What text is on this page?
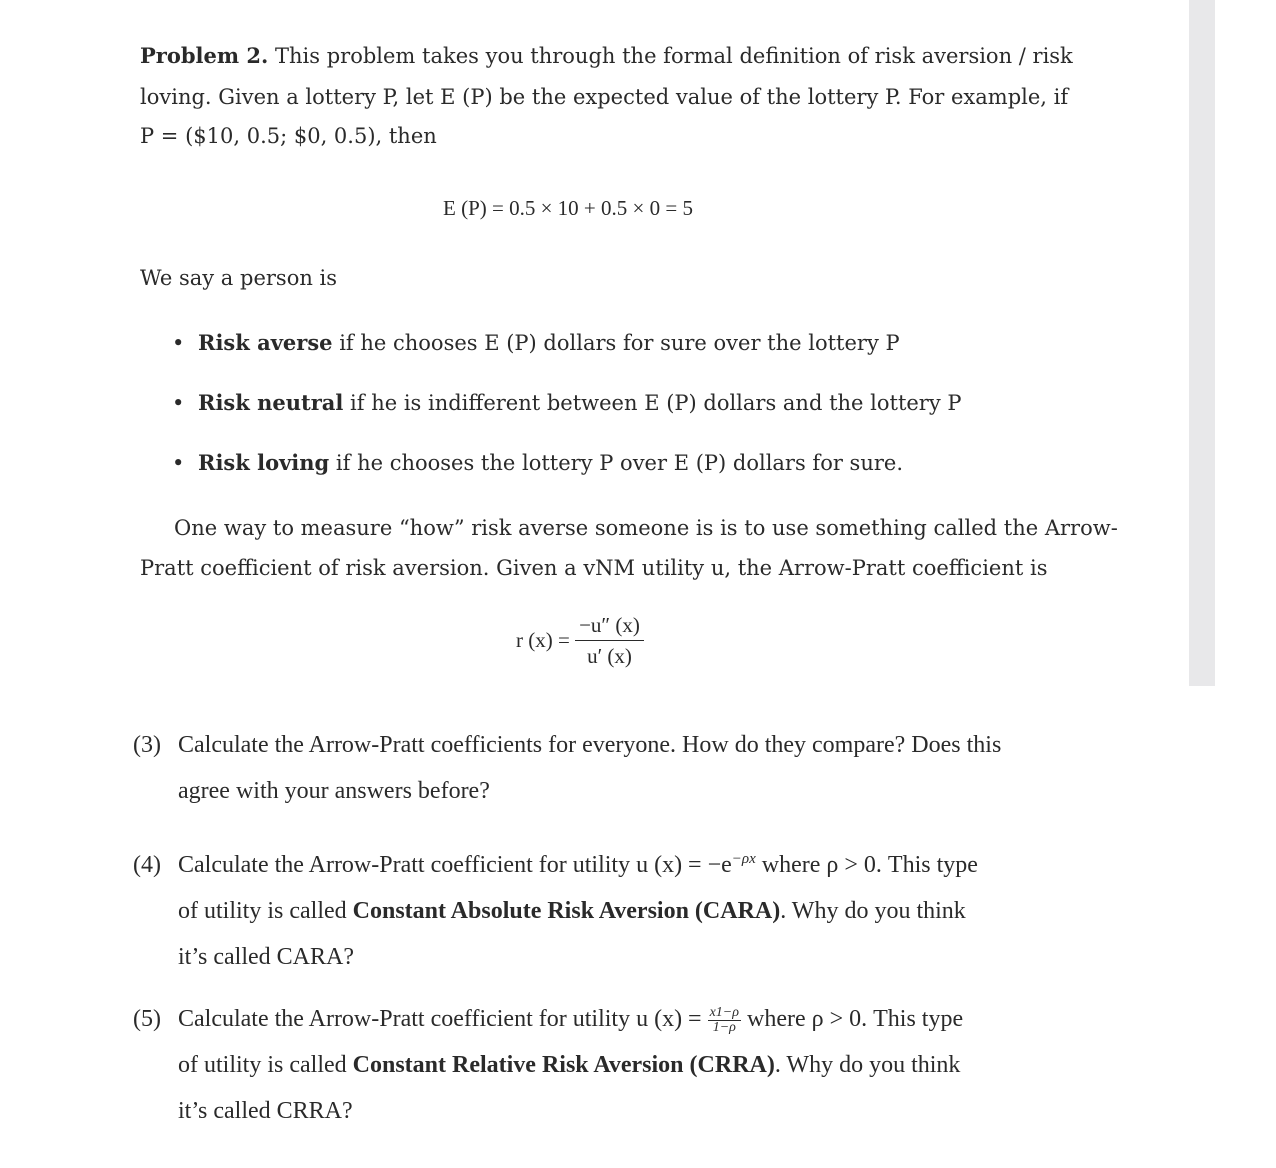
Problem 2. This problem takes you through the formal definition of risk aversion / risk
loving. Given a lottery P, let E (P) be the expected value of the lottery P. For example, if
P = ($10, 0.5; $0, 0.5), then
E (P) = 0.5 × 10 + 0.5 × 0 = 5
We say a person is
• Risk averse if he chooses E (P) dollars for sure over the lottery P
• Risk neutral if he is indifferent between E (P) dollars and the lottery P
• Risk loving if he chooses the lottery P over E (P) dollars for sure.
One way to measure “how” risk averse someone is is to use something called the Arrow-
Pratt coefficient of risk aversion. Given a vNM utility u, the Arrow-Pratt coefficient is
r $(x) = \frac{-u'' (x)}{u' (x)}$
(3) Calculate the Arrow-Pratt coefficients for everyone. How do they compare? Does this
agree with your answers before?
(4) Calculate the Arrow-Pratt coefficient for utility u $(x) = -e^{-\rho x}$ where ρ > 0. This type
of utility is called Constant Absolute Risk Aversion (CARA). Why do you think
it’s called CARA?
(5) Calculate the Arrow-Pratt coefficient for utility u $(x) = \frac{x1-\rho}{1-\rho}$ where ρ > 0. This type
of utility is called Constant Relative Risk Aversion (CRRA). Why do you think
it’s called CRRA?
